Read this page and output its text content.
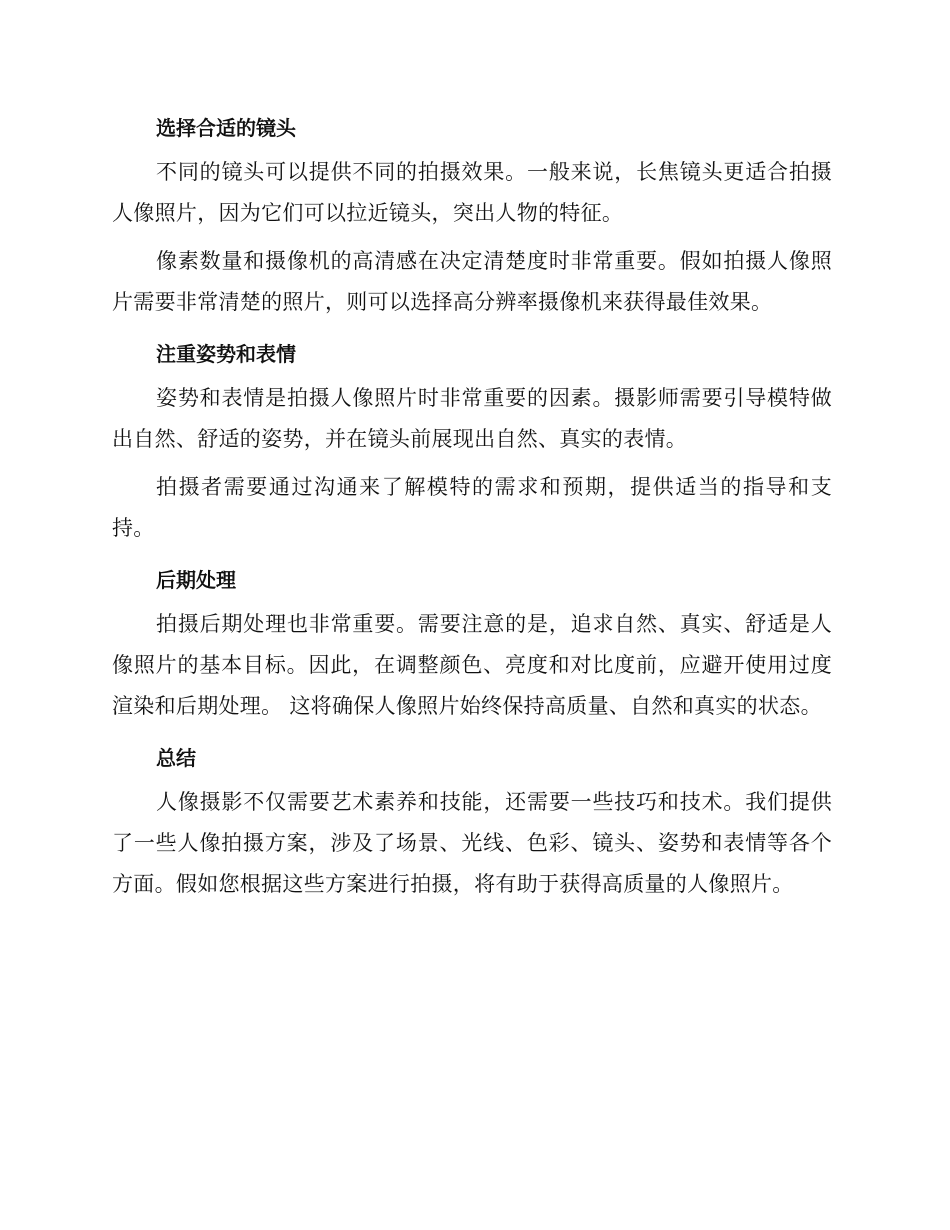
选择合适的镜头

不同的镜头可以提供不同的拍摄效果。一般来说，长焦镜头更适合拍摄人像照片，因为它们可以拉近镜头，突出人物的特征。

像素数量和摄像机的高清感在决定清楚度时非常重要。假如拍摄人像照片需要非常清楚的照片，则可以选择高分辨率摄像机来获得最佳效果。

注重姿势和表情

姿势和表情是拍摄人像照片时非常重要的因素。摄影师需要引导模特做出自然、舒适的姿势，并在镜头前展现出自然、真实的表情。

拍摄者需要通过沟通来了解模特的需求和预期，提供适当的指导和支持。

后期处理

拍摄后期处理也非常重要。需要注意的是，追求自然、真实、舒适是人像照片的基本目标。因此，在调整颜色、亮度和对比度前，应避开使用过度渲染和后期处理。 这将确保人像照片始终保持高质量、自然和真实的状态。

总结

人像摄影不仅需要艺术素养和技能，还需要一些技巧和技术。我们提供了一些人像拍摄方案，涉及了场景、光线、色彩、镜头、姿势和表情等各个方面。假如您根据这些方案进行拍摄，将有助于获得高质量的人像照片。
